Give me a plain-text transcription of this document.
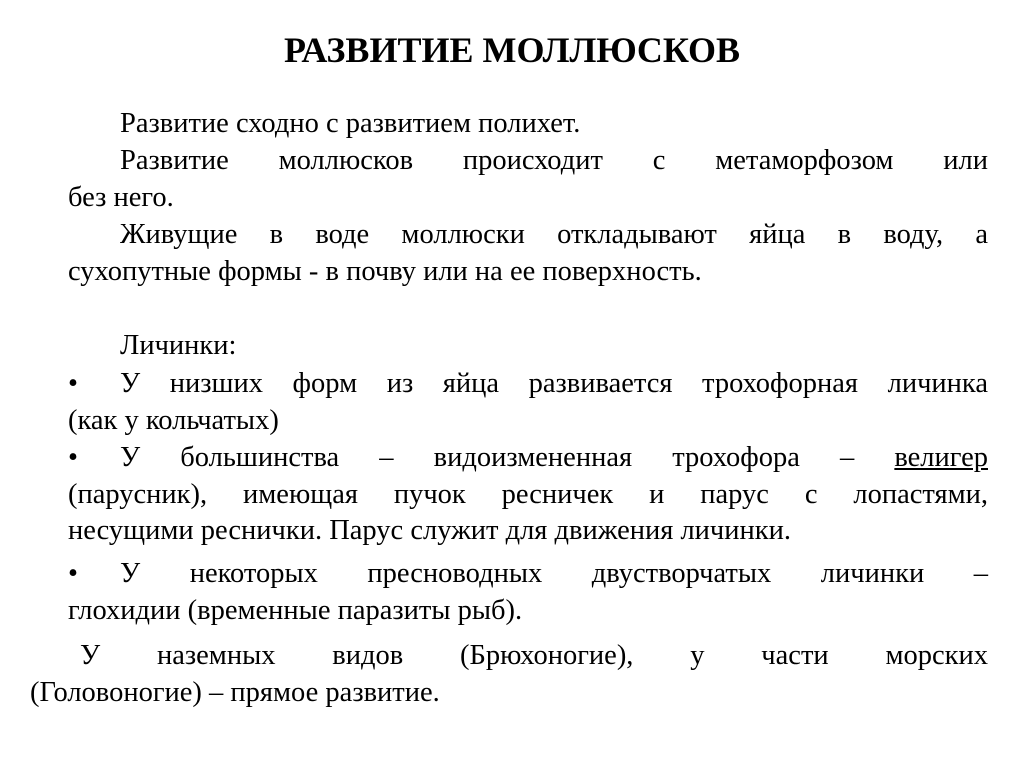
РАЗВИТИЕ МОЛЛЮСКОВ
Развитие сходно с развитием полихет.
Развитие моллюсков происходит с метаморфозом или
без него.
Живущие в воде моллюски откладывают яйца в воду, а
сухопутные формы - в почву или на ее поверхность.
Личинки:
•	У низших форм из яйца развивается трохофорная личинка
(как у кольчатых)
•	У большинства – видоизмененная трохофора – велигер
(парусник), имеющая пучок ресничек и парус с лопастями,
несущими реснички. Парус служит для движения личинки.
•	У некоторых пресноводных двустворчатых личинки –
глохидии (временные паразиты рыб).
У наземных видов (Брюхоногие), у части морских
(Головоногие) – прямое развитие.
